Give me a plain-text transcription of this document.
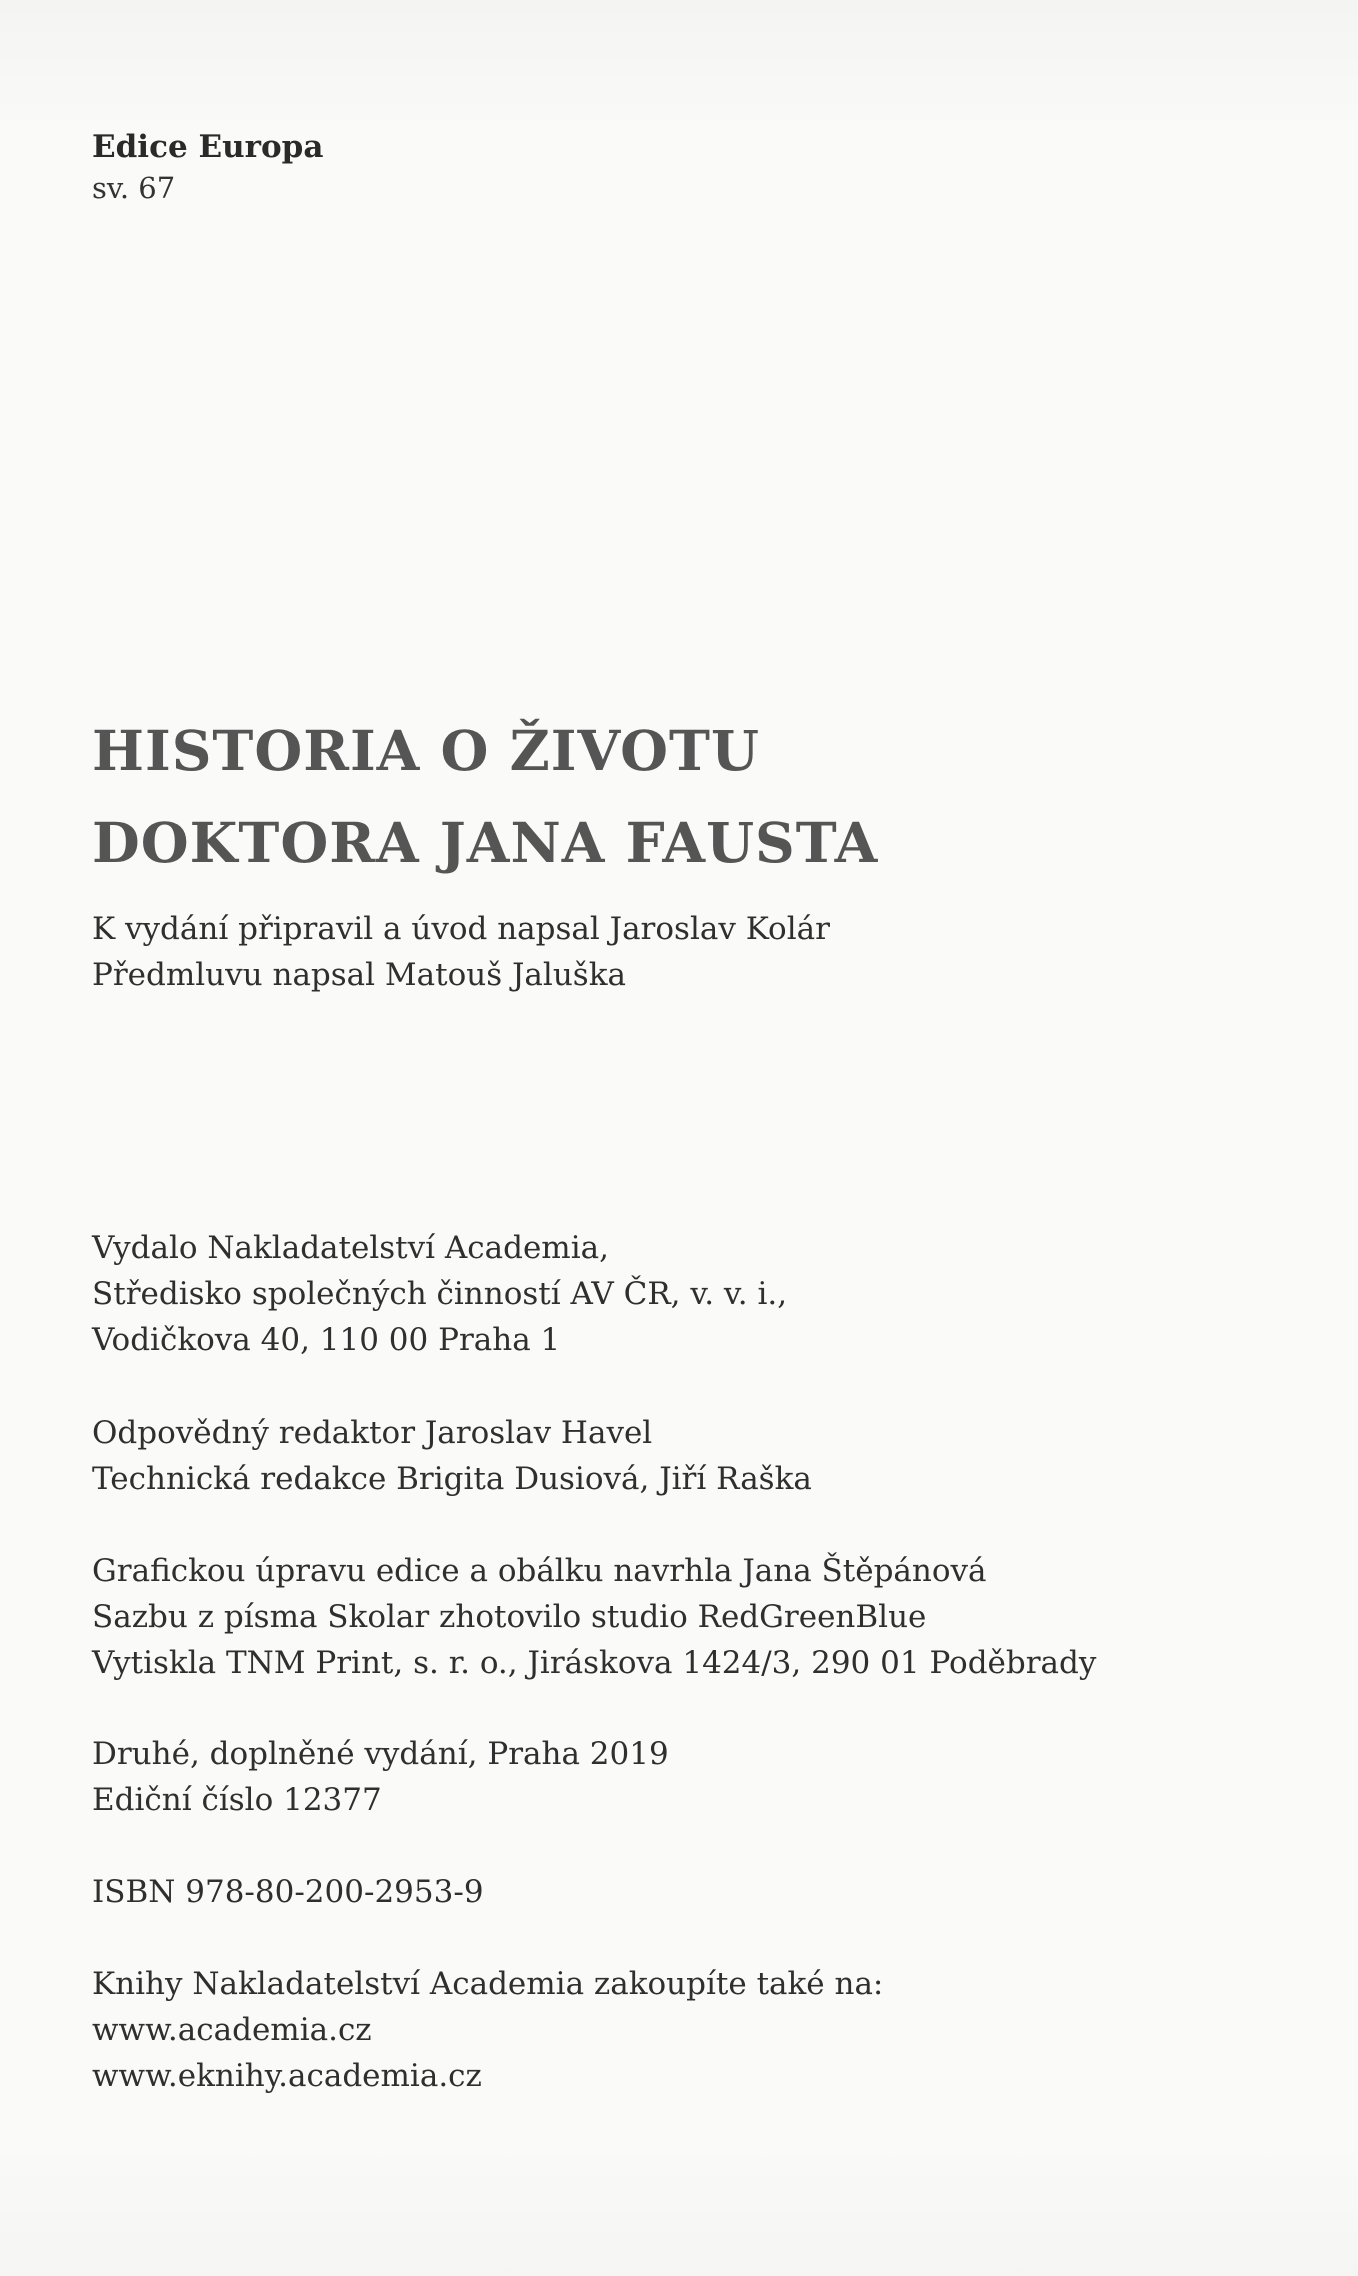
Edice Europa
sv. 67
HISTORIA O ŽIVOTU
DOKTORA JANA FAUSTA
K vydání připravil a úvod napsal Jaroslav Kolár
Předmluvu napsal Matouš Jaluška
Vydalo Nakladatelství Academia,
Středisko společných činností AV ČR, v. v. i.,
Vodičkova 40, 110 00 Praha 1
Odpovědný redaktor Jaroslav Havel
Technická redakce Brigita Dusiová, Jiří Raška
Grafickou úpravu edice a obálku navrhla Jana Štěpánová
Sazbu z písma Skolar zhotovilo studio RedGreenBlue
Vytiskla TNM Print, s. r. o., Jiráskova 1424/3, 290 01 Poděbrady
Druhé, doplněné vydání, Praha 2019
Ediční číslo 12377
ISBN 978-80-200-2953-9
Knihy Nakladatelství Academia zakoupíte také na:
www.academia.cz
www.eknihy.academia.cz
